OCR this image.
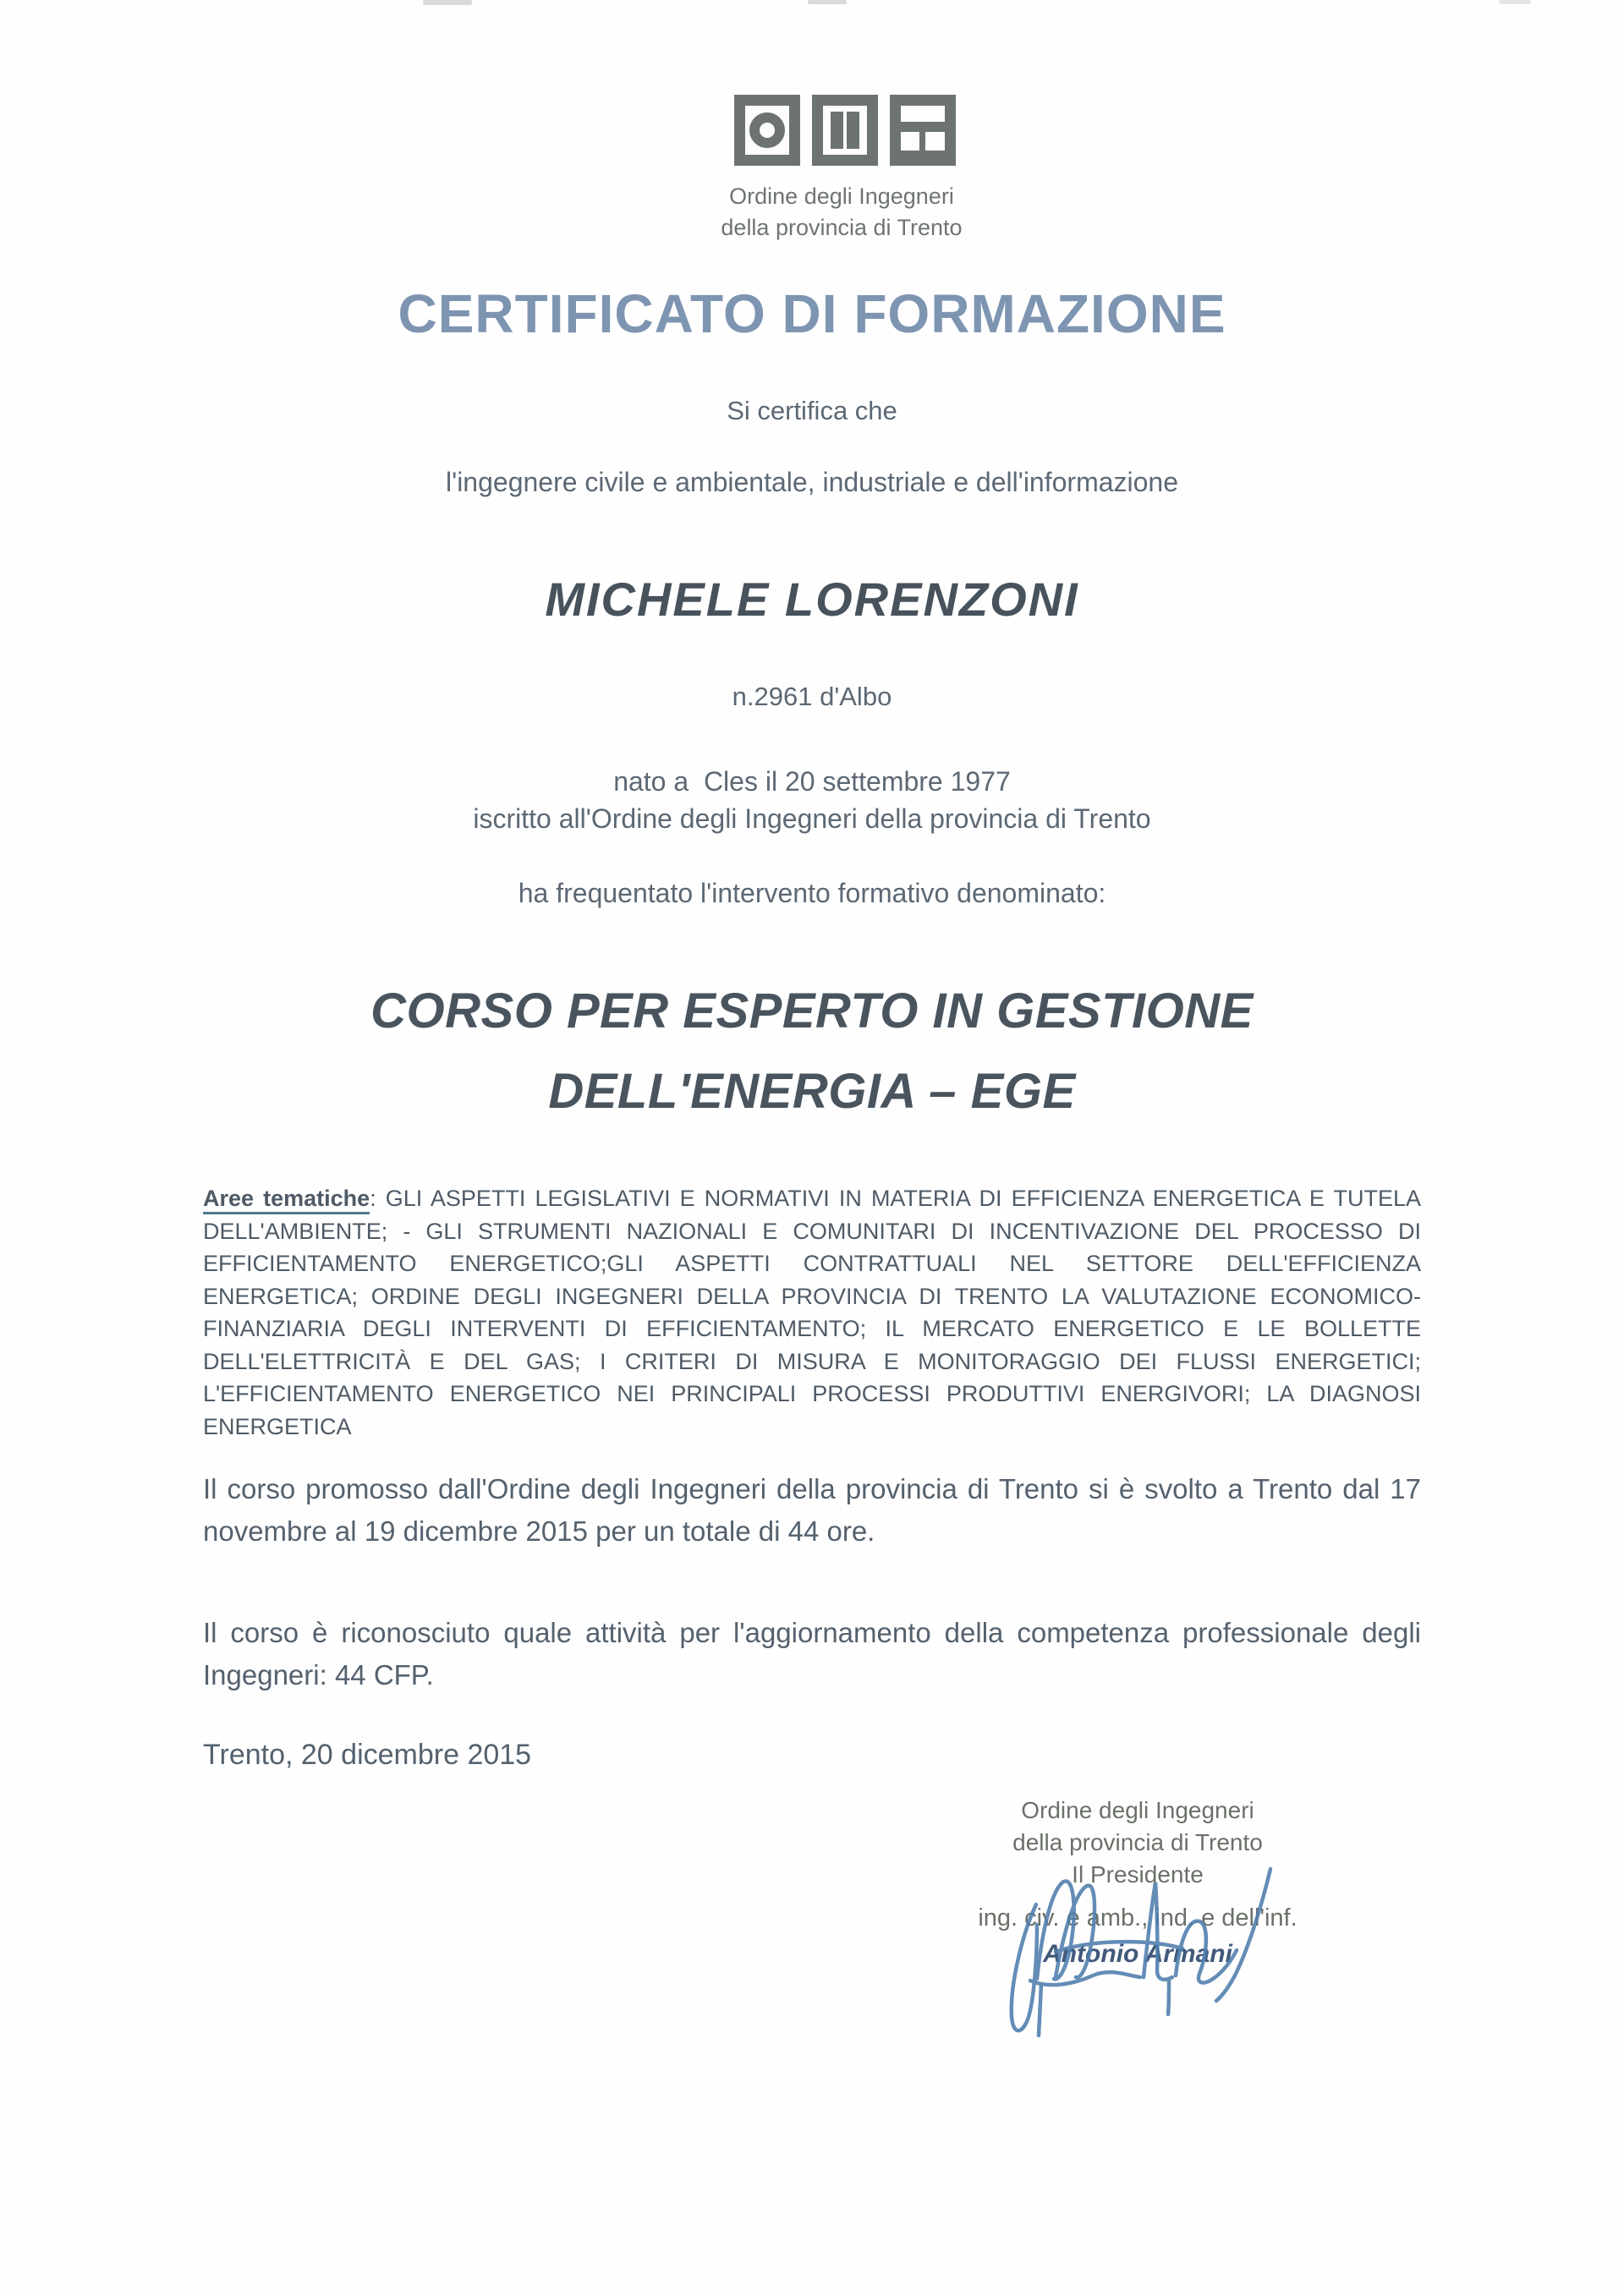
Ordine degli Ingegneri
della provincia di Trento
CERTIFICATO DI FORMAZIONE
Si certifica che
l'ingegnere civile e ambientale, industriale e dell'informazione
MICHELE LORENZONI
n.2961 d'Albo
nato a  Cles il 20 settembre 1977
iscritto all'Ordine degli Ingegneri della provincia di Trento
ha frequentato l'intervento formativo denominato:
CORSO PER ESPERTO IN GESTIONE
DELL'ENERGIA – EGE
Aree tematiche: GLI ASPETTI LEGISLATIVI E NORMATIVI IN MATERIA DI EFFICIENZA ENERGETICA E TUTELA DELL'AMBIENTE; - GLI STRUMENTI NAZIONALI E COMUNITARI DI INCENTIVAZIONE DEL PROCESSO DI EFFICIENTAMENTO ENERGETICO;GLI ASPETTI CONTRATTUALI NEL SETTORE DELL'EFFICIENZA ENERGETICA; ORDINE DEGLI INGEGNERI DELLA PROVINCIA DI TRENTO LA VALUTAZIONE ECONOMICO-FINANZIARIA DEGLI INTERVENTI DI EFFICIENTAMENTO; IL MERCATO ENERGETICO E LE BOLLETTE DELL'ELETTRICITÀ E DEL GAS; I CRITERI DI MISURA E MONITORAGGIO DEI FLUSSI ENERGETICI; L'EFFICIENTAMENTO ENERGETICO NEI PRINCIPALI PROCESSI PRODUTTIVI ENERGIVORI; LA DIAGNOSI ENERGETICA
Il corso promosso dall'Ordine degli Ingegneri della provincia di Trento si è svolto a Trento dal 17 novembre al 19 dicembre 2015 per un totale di 44 ore.
Il corso è riconosciuto quale attività per l'aggiornamento della competenza professionale degli Ingegneri: 44 CFP.
Trento, 20 dicembre 2015
Ordine degli Ingegneri
della provincia di Trento
Il Presidente
ing. civ. e amb., ind. e dell'inf.
Antonio Armani
